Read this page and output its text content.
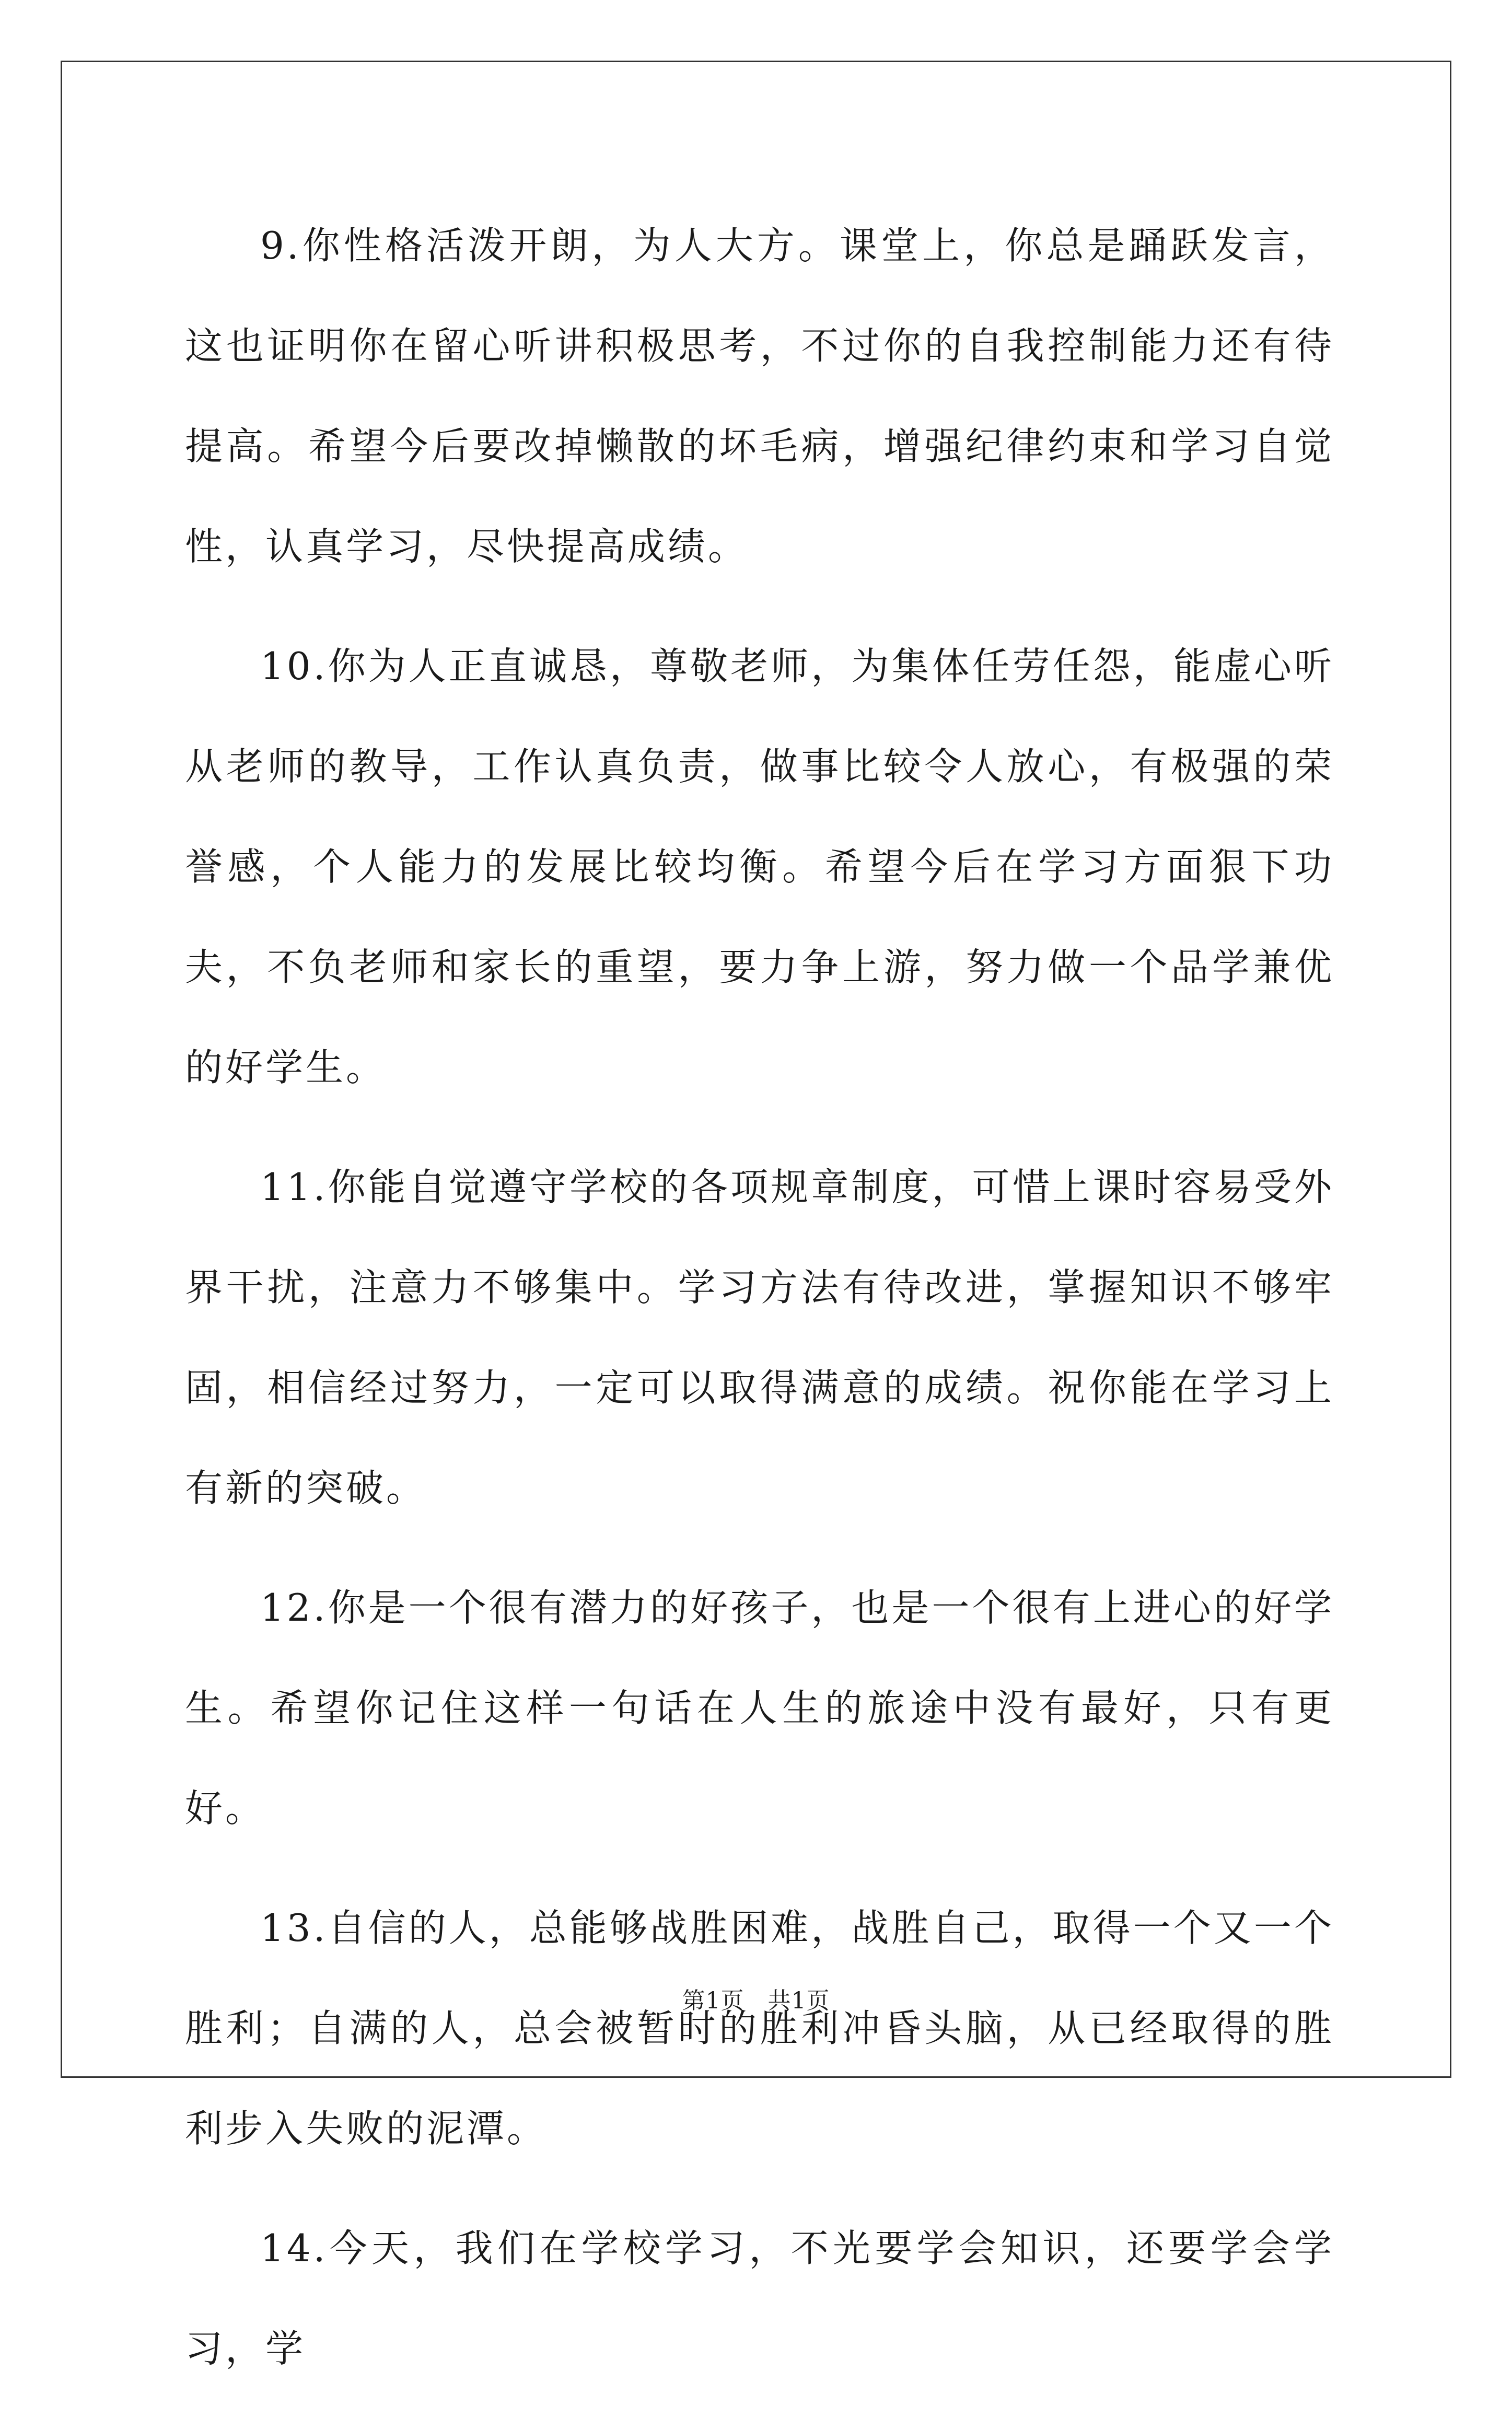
9.你性格活泼开朗，为人大方。课堂上，你总是踊跃发言，这也证明你在留心听讲积极思考，不过你的自我控制能力还有待提高。希望今后要改掉懒散的坏毛病，增强纪律约束和学习自觉性，认真学习，尽快提高成绩。

10.你为人正直诚恳，尊敬老师，为集体任劳任怨，能虚心听从老师的教导，工作认真负责，做事比较令人放心，有极强的荣誉感，个人能力的发展比较均衡。希望今后在学习方面狠下功夫，不负老师和家长的重望，要力争上游，努力做一个品学兼优的好学生。

11.你能自觉遵守学校的各项规章制度，可惜上课时容易受外界干扰，注意力不够集中。学习方法有待改进，掌握知识不够牢固，相信经过努力，一定可以取得满意的成绩。祝你能在学习上有新的突破。

12.你是一个很有潜力的好孩子，也是一个很有上进心的好学生。希望你记住这样一句话在人生的旅途中没有最好，只有更好。

13.自信的人，总能够战胜困难，战胜自己，取得一个又一个胜利；自满的人，总会被暂时的胜利冲昏头脑，从已经取得的胜利步入失败的泥潭。

14.今天，我们在学校学习，不光要学会知识，还要学会学习，学

第1页   共1页
